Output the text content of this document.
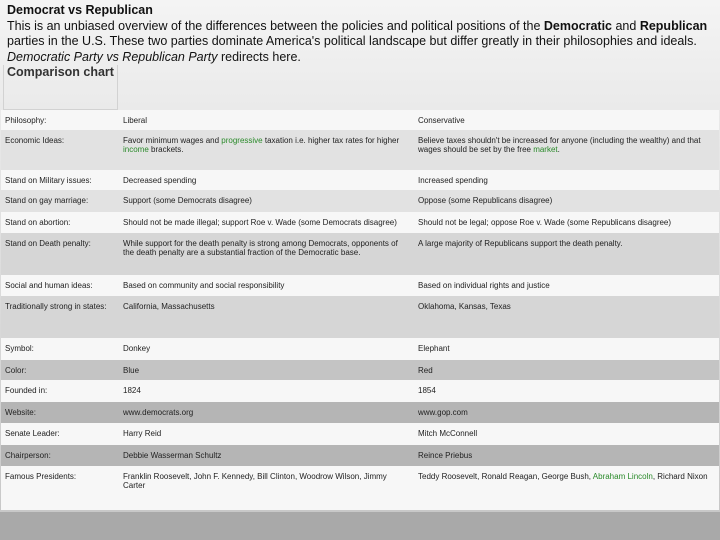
Democrat vs Republican
This is an unbiased overview of the differences between the policies and political positions of the Democratic and Republican parties in the U.S. These two parties dominate America's political landscape but differ greatly in their philosophies and ideals.
Democratic Party vs Republican Party redirects here.
Comparison chart
Philosophy:	Liberal	Conservative
Economic Ideas:	Favor minimum wages and progressive taxation i.e. higher tax rates for higher income brackets.	Believe taxes shouldn't be increased for anyone (including the wealthy) and that wages should be set by the free market.
Stand on Military issues:	Decreased spending	Increased spending
Stand on gay marriage:	Support (some Democrats disagree)	Oppose (some Republicans disagree)
Stand on abortion:	Should not be made illegal; support Roe v. Wade (some Democrats disagree)	Should not be legal; oppose Roe v. Wade (some Republicans disagree)
Stand on Death penalty:	While support for the death penalty is strong among Democrats, opponents of the death penalty are a substantial fraction of the Democratic base.	A large majority of Republicans support the death penalty.
Social and human ideas:	Based on community and social responsibility	Based on individual rights and justice
Traditionally strong in states:	California, Massachusetts	Oklahoma, Kansas, Texas
Symbol:	Donkey	Elephant
Color:	Blue	Red
Founded in:	1824	1854
Website:	www.democrats.org	www.gop.com
Senate Leader:	Harry Reid	Mitch McConnell
Chairperson:	Debbie Wasserman Schultz	Reince Priebus
Famous Presidents:	Franklin Roosevelt, John F. Kennedy, Bill Clinton, Woodrow Wilson, Jimmy Carter	Teddy Roosevelt, Ronald Reagan, George Bush, Abraham Lincoln, Richard Nixon
